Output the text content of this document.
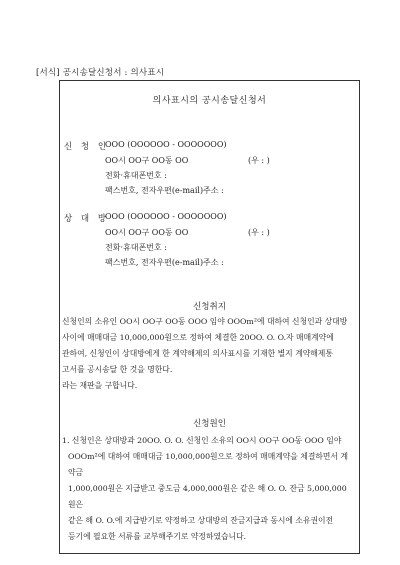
[서식] 공시송달신청서 : 의사표시
의사표시의 공시송달신청서
신 청 인
OOO (OOOOOO - OOOOOOO)
OO시 OO구 OO동 OO	(우 : )
전화·휴대폰번호 :
팩스번호, 전자우편(e-mail)주소 :
상 대 방
OOO (OOOOOO - OOOOOOO)
OO시 OO구 OO동 OO	(우 : )
전화·휴대폰번호 :
팩스번호, 전자우편(e-mail)주소 :
신청취지

신청인의 소유인 OO시 OO구 OO동 OOO 임야 OOOm²에 대하여 신청인과 상대방

사이에 매매대금 10,000,000원으로 정하여 체결한 20OO. O. O.자 매매계약에

관하여, 신청인이 상대방에게 한 계약해제의 의사표시를 기재한 별지 계약해제통

고서를 공시송달 한 것을 명한다.

라는 재판을 구합니다.

신청원인

1. 신청인은 상대방과 20OO. O. O. 신청인 소유의 OO시 OO구 OO동 OOO 임야

OOOm²에 대하여 매매대금 10,000,000원으로 정하여 매매계약을 체결하면서 계약금

1,000,000원은 지급받고 중도금 4,000,000원은 같은 해 O. O. 잔금 5,000,000원은

같은 해 O. O.에 지급받기로 약정하고 상대방의 잔금지급과 동시에 소유권이전

등기에 필요한 서류를 교부해주기로 약정하였습니다.
